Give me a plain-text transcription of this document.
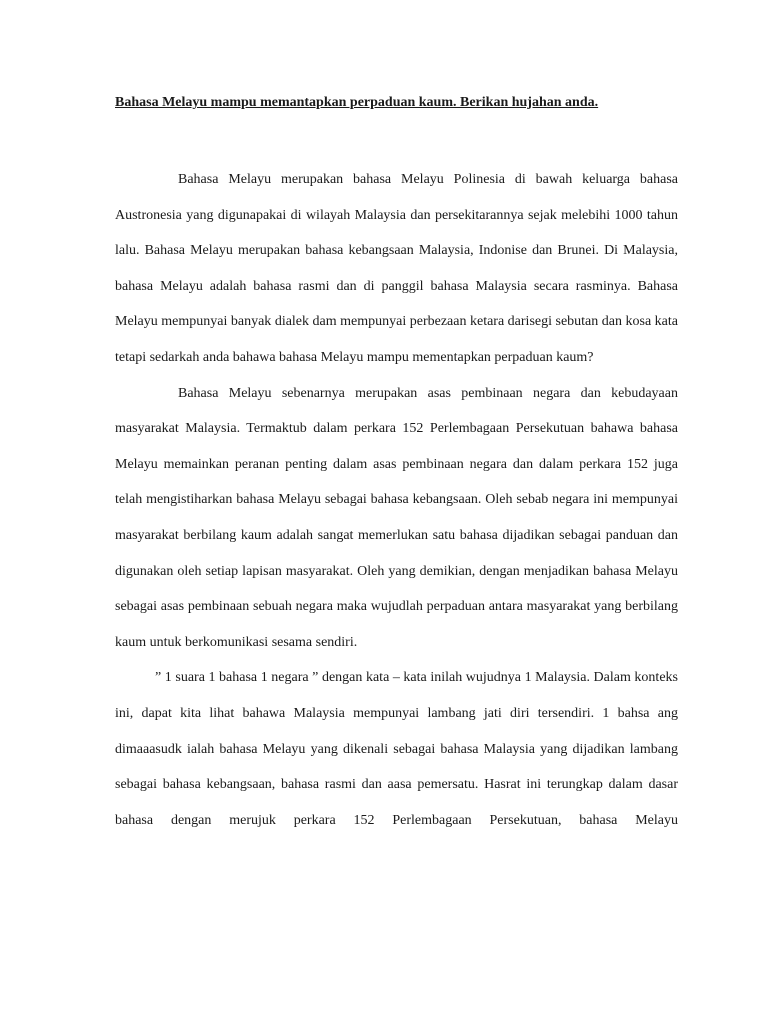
Bahasa Melayu mampu memantapkan perpaduan kaum. Berikan hujahan anda.

Bahasa Melayu merupakan bahasa Melayu Polinesia di bawah keluarga bahasa Austronesia yang digunapakai di wilayah Malaysia dan persekitarannya sejak melebihi 1000 tahun lalu. Bahasa Melayu merupakan bahasa kebangsaan Malaysia, Indonise dan Brunei. Di Malaysia, bahasa Melayu adalah bahasa rasmi dan di panggil bahasa Malaysia secara rasminya. Bahasa Melayu mempunyai banyak dialek dam mempunyai perbezaan ketara darisegi sebutan dan kosa kata tetapi sedarkah anda bahawa bahasa Melayu mampu mementapkan perpaduan kaum?

Bahasa Melayu sebenarnya merupakan asas pembinaan negara dan kebudayaan masyarakat Malaysia. Termaktub dalam perkara 152 Perlembagaan Persekutuan bahawa bahasa Melayu memainkan peranan penting dalam asas pembinaan negara dan dalam perkara 152 juga telah mengistiharkan bahasa Melayu sebagai bahasa kebangsaan. Oleh sebab negara ini mempunyai masyarakat berbilang kaum adalah sangat memerlukan satu bahasa dijadikan sebagai panduan dan digunakan oleh setiap lapisan masyarakat. Oleh yang demikian, dengan menjadikan bahasa Melayu sebagai asas pembinaan sebuah negara maka wujudlah perpaduan antara masyarakat yang berbilang kaum untuk berkomunikasi sesama sendiri.

” 1 suara 1 bahasa 1 negara ” dengan kata – kata inilah wujudnya 1 Malaysia. Dalam konteks ini, dapat kita lihat bahawa Malaysia mempunyai lambang jati diri tersendiri. 1 bahsa ang dimaaasudk ialah bahasa Melayu yang dikenali sebagai bahasa Malaysia yang dijadikan lambang sebagai bahasa kebangsaan, bahasa rasmi dan aasa pemersatu. Hasrat ini terungkap dalam dasar bahasa dengan merujuk perkara 152 Perlembagaan Persekutuan, bahasa Melayu
